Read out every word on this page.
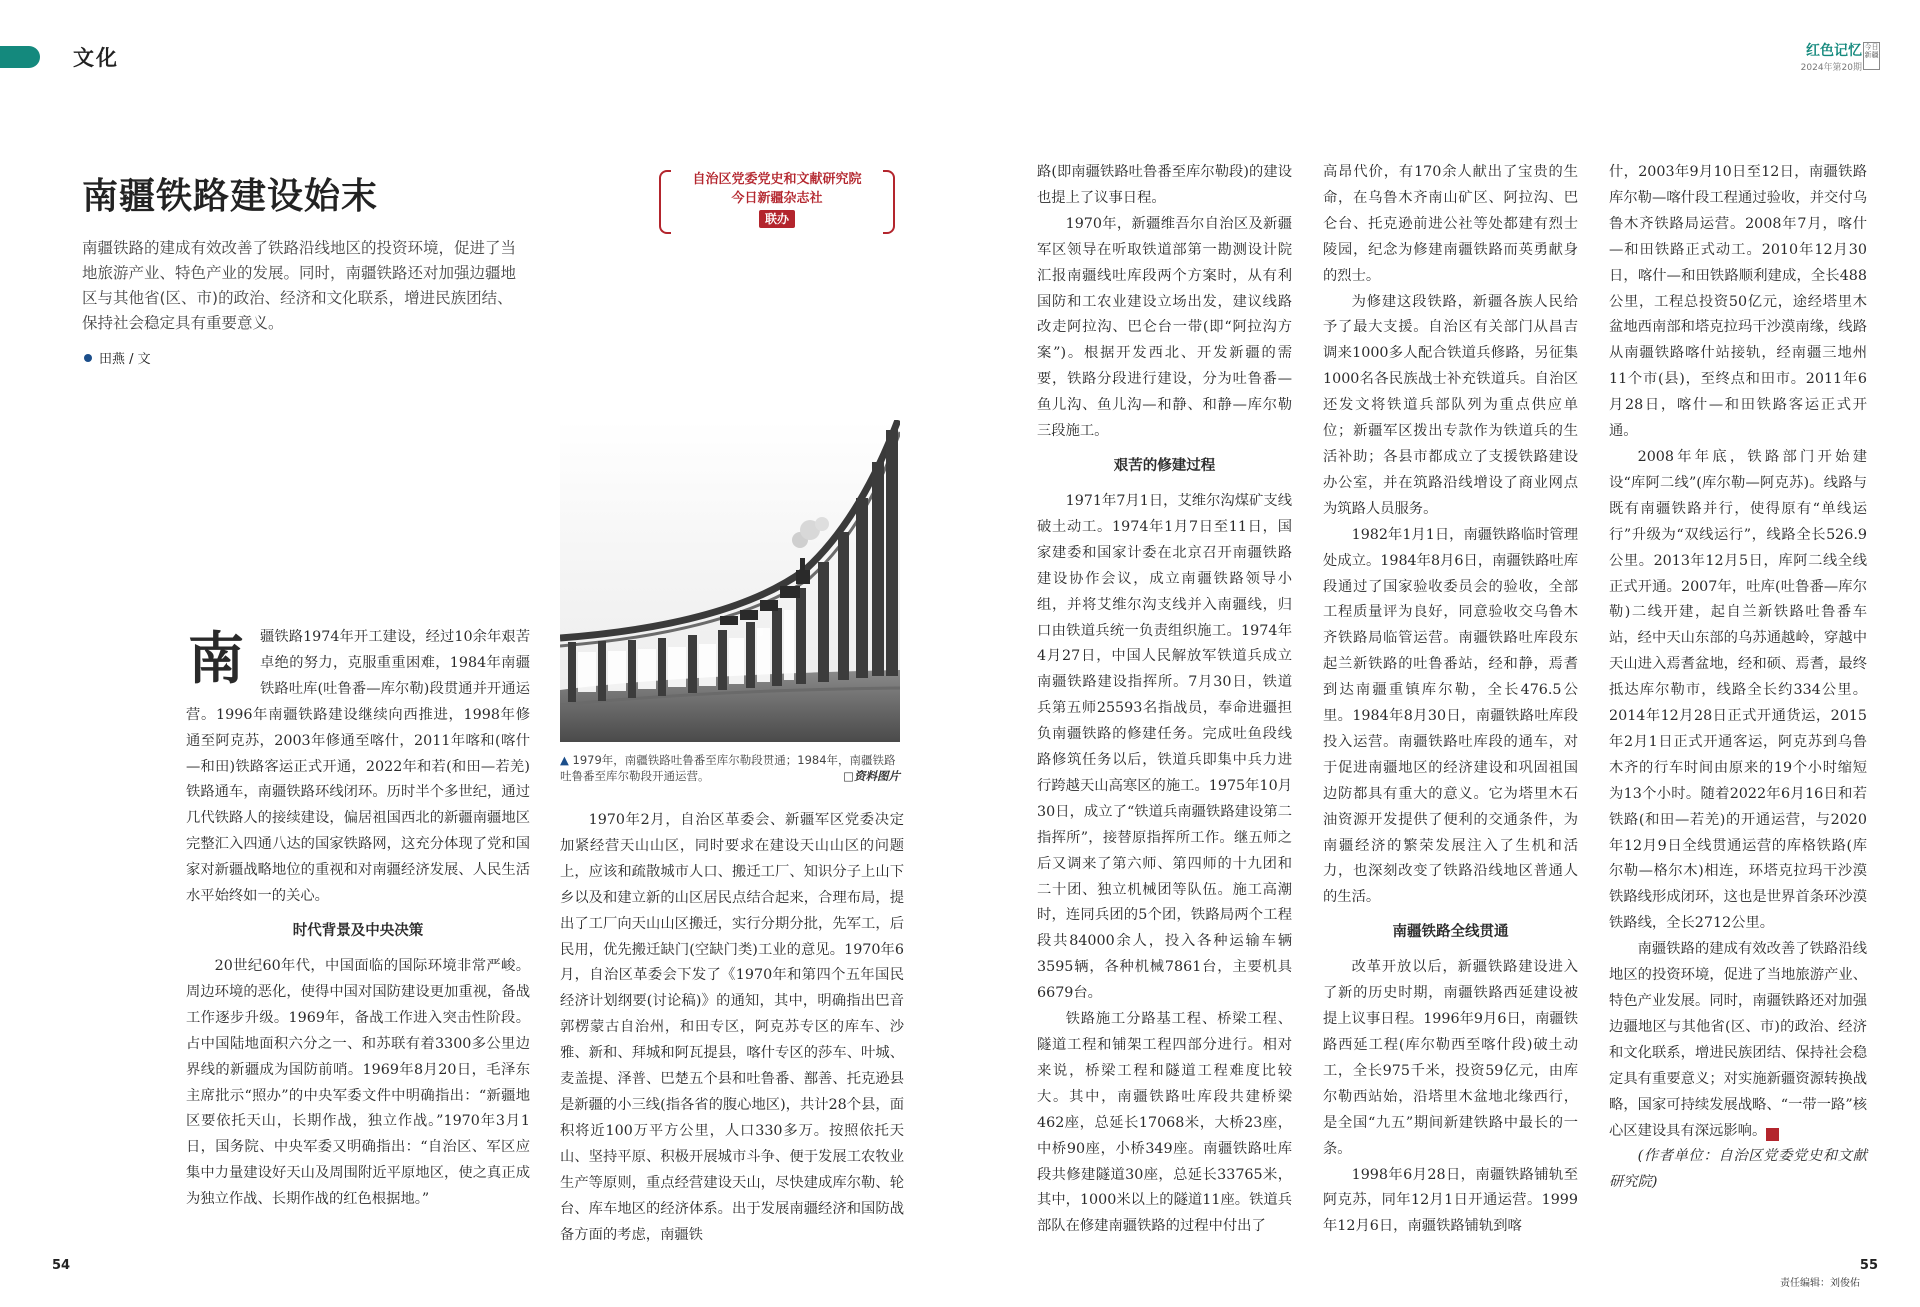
文化	红色记忆
2024年第20期
今日新疆
南疆铁路建设始末
南疆铁路的建成有效改善了铁路沿线地区的投资环境，促进了当地旅游产业、特色产业的发展。同时，南疆铁路还对加强边疆地区与其他省(区、市)的政治、经济和文化联系，增进民族团结、保持社会稳定具有重要意义。
田燕 / 文
自治区党委党史和文献研究院
今日新疆杂志社
联办
▲ 1979年，南疆铁路吐鲁番至库尔勒段贯通；1984年，南疆铁路吐鲁番至库尔勒段开通运营。	□资料图片

南 疆铁路1974年开工建设，经过10余年艰苦卓绝的努力，克服重重困难，1984年南疆铁路吐库(吐鲁番—库尔勒)段贯通并开通运营。1996年南疆铁路建设继续向西推进，1998年修通至阿克苏，2003年修通至喀什，2011年喀和(喀什—和田)铁路客运正式开通，2022年和若(和田—若羌)铁路通车，南疆铁路环线闭环。历时半个多世纪，通过几代铁路人的接续建设，偏居祖国西北的新疆南疆地区完整汇入四通八达的国家铁路网，这充分体现了党和国家对新疆战略地位的重视和对南疆经济发展、人民生活水平始终如一的关心。

时代背景及中央决策

20世纪60年代，中国面临的国际环境非常严峻。周边环境的恶化，使得中国对国防建设更加重视，备战工作逐步升级。1969年，备战工作进入突击性阶段。占中国陆地面积六分之一、和苏联有着3300多公里边界线的新疆成为国防前哨。1969年8月20日，毛泽东主席批示“照办”的中央军委文件中明确指出：“新疆地区要依托天山，长期作战，独立作战。”1970年3月1日，国务院、中央军委又明确指出：“自治区、军区应集中力量建设好天山及周围附近平原地区，使之真正成为独立作战、长期作战的红色根据地。”

1970年2月，自治区革委会、新疆军区党委决定加紧经营天山山区，同时要求在建设天山山区的问题上，应该和疏散城市人口、搬迁工厂、知识分子上山下乡以及和建立新的山区居民点结合起来，合理布局，提出了工厂向天山山区搬迁，实行分期分批，先军工，后民用，优先搬迁缺门(空缺门类)工业的意见。1970年6月，自治区革委会下发了《1970年和第四个五年国民经济计划纲要(讨论稿)》的通知，其中，明确指出巴音郭楞蒙古自治州，和田专区，阿克苏专区的库车、沙雅、新和、拜城和阿瓦提县，喀什专区的莎车、叶城、麦盖提、泽普、巴楚五个县和吐鲁番、鄯善、托克逊县是新疆的小三线(指各省的腹心地区)，共计28个县，面积将近100万平方公里，人口330多万。按照依托天山、坚持平原、积极开展城市斗争、便于发展工农牧业生产等原则，重点经营建设天山，尽快建成库尔勒、轮台、库车地区的经济体系。出于发展南疆经济和国防战备方面的考虑，南疆铁

路(即南疆铁路吐鲁番至库尔勒段)的建设也提上了议事日程。

1970年，新疆维吾尔自治区及新疆军区领导在听取铁道部第一勘测设计院汇报南疆线吐库段两个方案时，从有利国防和工农业建设立场出发，建议线路改走阿拉沟、巴仑台一带(即“阿拉沟方案”)。根据开发西北、开发新疆的需要，铁路分段进行建设，分为吐鲁番—鱼儿沟、鱼儿沟—和静、和静—库尔勒三段施工。

艰苦的修建过程

1971年7月1日，艾维尔沟煤矿支线破土动工。1974年1月7日至11日，国家建委和国家计委在北京召开南疆铁路建设协作会议，成立南疆铁路领导小组，并将艾维尔沟支线并入南疆线，归口由铁道兵统一负责组织施工。1974年4月27日，中国人民解放军铁道兵成立南疆铁路建设指挥所。7月30日，铁道兵第五师25593名指战员，奉命进疆担负南疆铁路的修建任务。完成吐鱼段线路修筑任务以后，铁道兵即集中兵力进行跨越天山高寒区的施工。1975年10月30日，成立了“铁道兵南疆铁路建设第二指挥所”，接替原指挥所工作。继五师之后又调来了第六师、第四师的十九团和二十团、独立机械团等队伍。施工高潮时，连同兵团的5个团，铁路局两个工程段共84000余人，投入各种运输车辆3595辆，各种机械7861台，主要机具6679台。

铁路施工分路基工程、桥梁工程、隧道工程和铺架工程四部分进行。相对来说，桥梁工程和隧道工程难度比较大。其中，南疆铁路吐库段共建桥梁462座，总延长17068米，大桥23座，中桥90座，小桥349座。南疆铁路吐库段共修建隧道30座，总延长33765米，其中，1000米以上的隧道11座。铁道兵部队在修建南疆铁路的过程中付出了

高昂代价，有170余人献出了宝贵的生命，在乌鲁木齐南山矿区、阿拉沟、巴仑台、托克逊前进公社等处都建有烈士陵园，纪念为修建南疆铁路而英勇献身的烈士。

为修建这段铁路，新疆各族人民给予了最大支援。自治区有关部门从昌吉调来1000多人配合铁道兵修路，另征集1000名各民族战士补充铁道兵。自治区还发文将铁道兵部队列为重点供应单位；新疆军区拨出专款作为铁道兵的生活补助；各县市都成立了支援铁路建设办公室，并在筑路沿线增设了商业网点为筑路人员服务。

1982年1月1日，南疆铁路临时管理处成立。1984年8月6日，南疆铁路吐库段通过了国家验收委员会的验收，全部工程质量评为良好，同意验收交乌鲁木齐铁路局临管运营。南疆铁路吐库段东起兰新铁路的吐鲁番站，经和静，焉耆到达南疆重镇库尔勒，全长476.5公里。1984年8月30日，南疆铁路吐库段投入运营。南疆铁路吐库段的通车，对于促进南疆地区的经济建设和巩固祖国边防都具有重大的意义。它为塔里木石油资源开发提供了便利的交通条件，为南疆经济的繁荣发展注入了生机和活力，也深刻改变了铁路沿线地区普通人的生活。

南疆铁路全线贯通

改革开放以后，新疆铁路建设进入了新的历史时期，南疆铁路西延建设被提上议事日程。1996年9月6日，南疆铁路西延工程(库尔勒西至喀什段)破土动工，全长975千米，投资59亿元，由库尔勒西站始，沿塔里木盆地北缘西行，是全国“九五”期间新建铁路中最长的一条。

1998年6月28日，南疆铁路铺轨至阿克苏，同年12月1日开通运营。1999年12月6日，南疆铁路铺轨到喀

什，2003年9月10日至12日，南疆铁路库尔勒—喀什段工程通过验收，并交付乌鲁木齐铁路局运营。2008年7月，喀什—和田铁路正式动工。2010年12月30日，喀什—和田铁路顺利建成，全长488公里，工程总投资50亿元，途经塔里木盆地西南部和塔克拉玛干沙漠南缘，线路从南疆铁路喀什站接轨，经南疆三地州11个市(县)，至终点和田市。2011年6月28日，喀什—和田铁路客运正式开通。

2008年年底，铁路部门开始建设“库阿二线”(库尔勒—阿克苏)。线路与既有南疆铁路并行，使得原有“单线运行”升级为“双线运行”，线路全长526.9公里。2013年12月5日，库阿二线全线正式开通。2007年，吐库(吐鲁番—库尔勒)二线开建，起自兰新铁路吐鲁番车站，经中天山东部的乌苏通越岭，穿越中天山进入焉耆盆地，经和硕、焉耆，最终抵达库尔勒市，线路全长约334公里。2014年12月28日正式开通货运，2015年2月1日正式开通客运，阿克苏到乌鲁木齐的行车时间由原来的19个小时缩短为13个小时。随着2022年6月16日和若铁路(和田—若羌)的开通运营，与2020年12月9日全线贯通运营的库格铁路(库尔勒—格尔木)相连，环塔克拉玛干沙漠铁路线形成闭环，这也是世界首条环沙漠铁路线，全长2712公里。

南疆铁路的建成有效改善了铁路沿线地区的投资环境，促进了当地旅游产业、特色产业发展。同时，南疆铁路还对加强边疆地区与其他省(区、市)的政治、经济和文化联系，增进民族团结、保持社会稳定具有重要意义；对实施新疆资源转换战略，国家可持续发展战略、“一带一路”核心区建设具有深远影响。	J

(作者单位：自治区党委党史和文献研究院)

54	55
责任编辑：刘俊佑
